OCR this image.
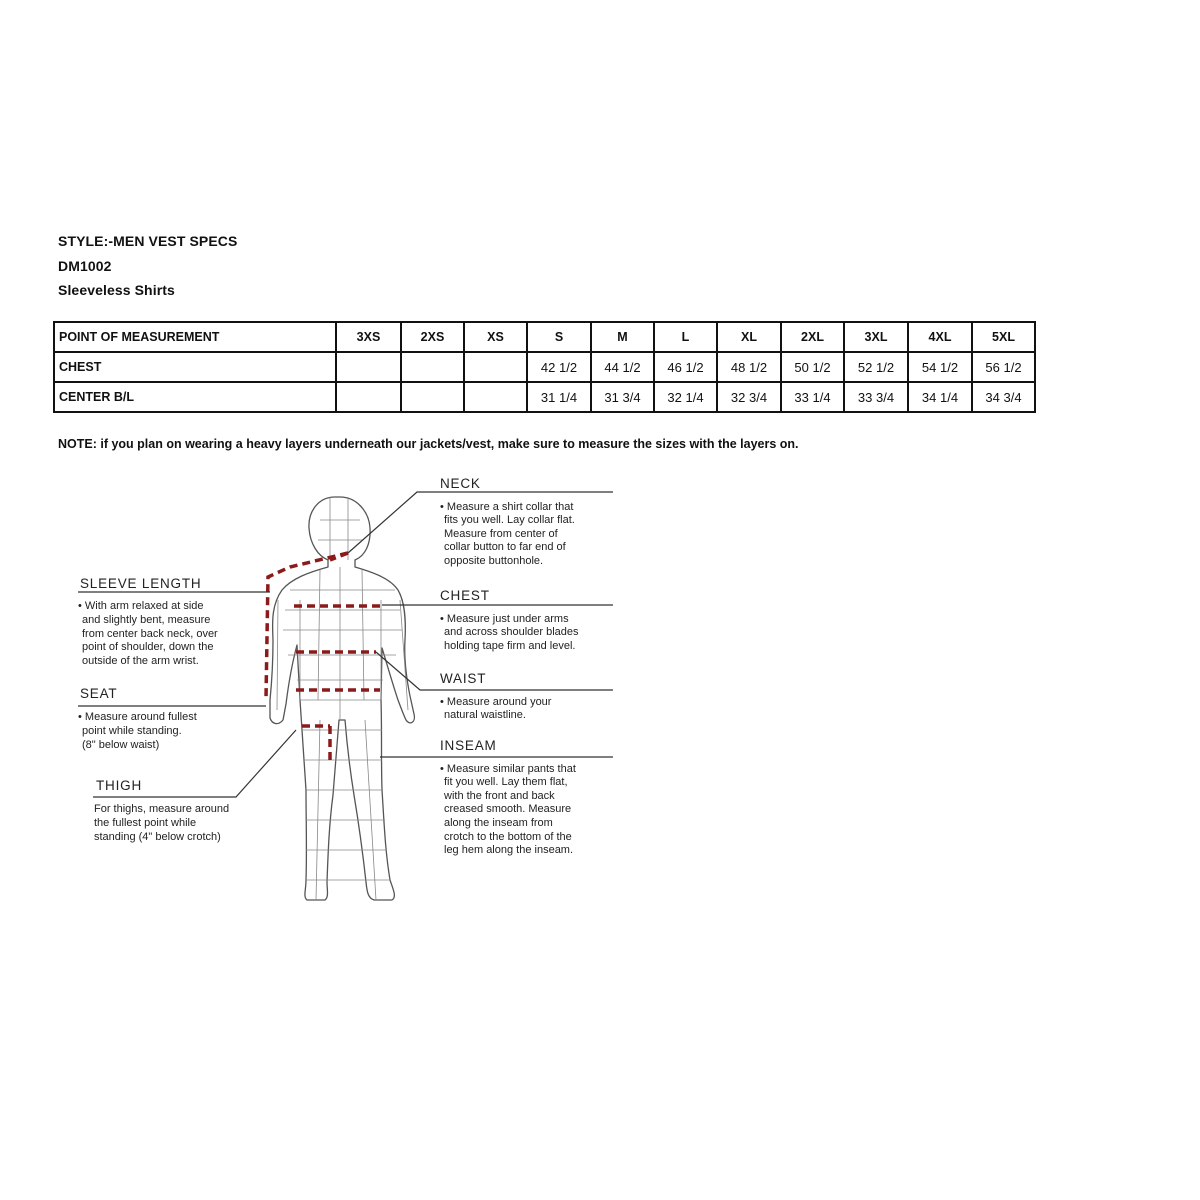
STYLE:-MEN VEST SPECS
DM1002
Sleeveless Shirts
POINT OF MEASUREMENT	3XS	2XS	XS	S	M	L	XL	2XL	3XL	4XL	5XL
CHEST				42 1/2	44 1/2	46 1/2	48 1/2	50 1/2	52 1/2	54 1/2	56 1/2
CENTER B/L				31 1/4	31 3/4	32 1/4	32 3/4	33 1/4	33 3/4	34 1/4	34 3/4
NOTE: if you plan on wearing a heavy layers underneath our jackets/vest, make sure to measure the sizes with the layers on.
NECK
• Measure a shirt collar that
fits you well. Lay collar flat.
Measure from center of
collar button to far end of
opposite buttonhole.
CHEST
• Measure just under arms
and across shoulder blades
holding tape firm and level.
WAIST
• Measure around your
natural waistline.
INSEAM
• Measure similar pants that
fit you well. Lay them flat,
with the front and back
creased smooth. Measure
along the inseam from
crotch to the bottom of the
leg hem along the inseam.
SLEEVE LENGTH
• With arm relaxed at side
and slightly bent, measure
from center back neck, over
point of shoulder, down the
outside of the arm wrist.
SEAT
• Measure around fullest
point while standing.
(8" below waist)
THIGH
For thighs, measure around
the fullest point while
standing (4" below crotch)
